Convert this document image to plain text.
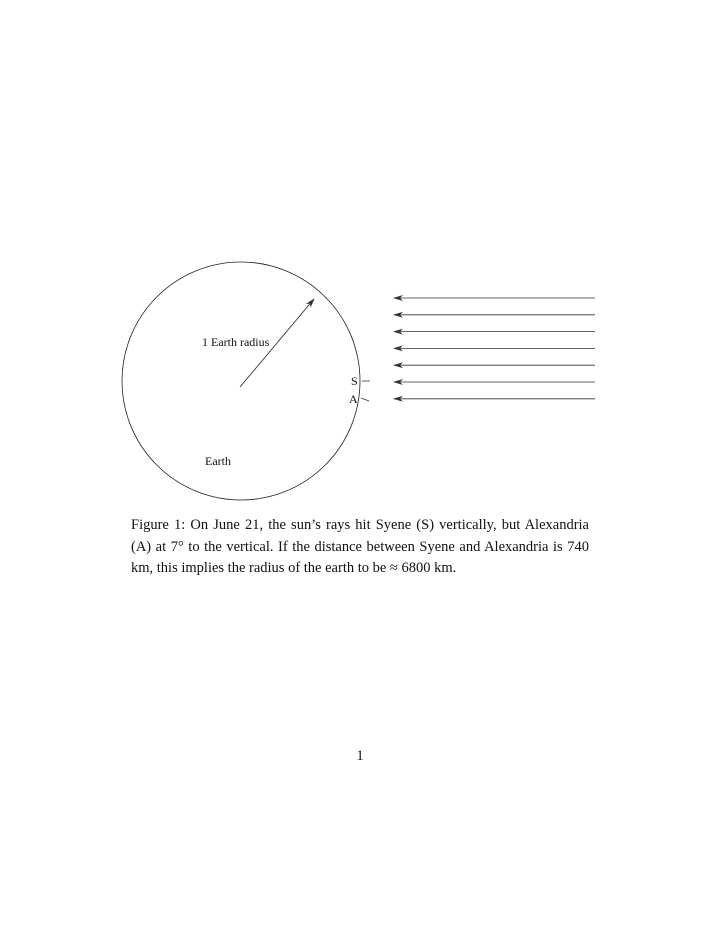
1 Earth radius
Earth
S
A

Figure 1: On June 21, the sun’s rays hit Syene (S) vertically, but Alexandria (A) at 7° to the vertical. If the distance between Syene and Alexandria is 740 km, this implies the radius of the earth to be ≈ 6800 km.

1
